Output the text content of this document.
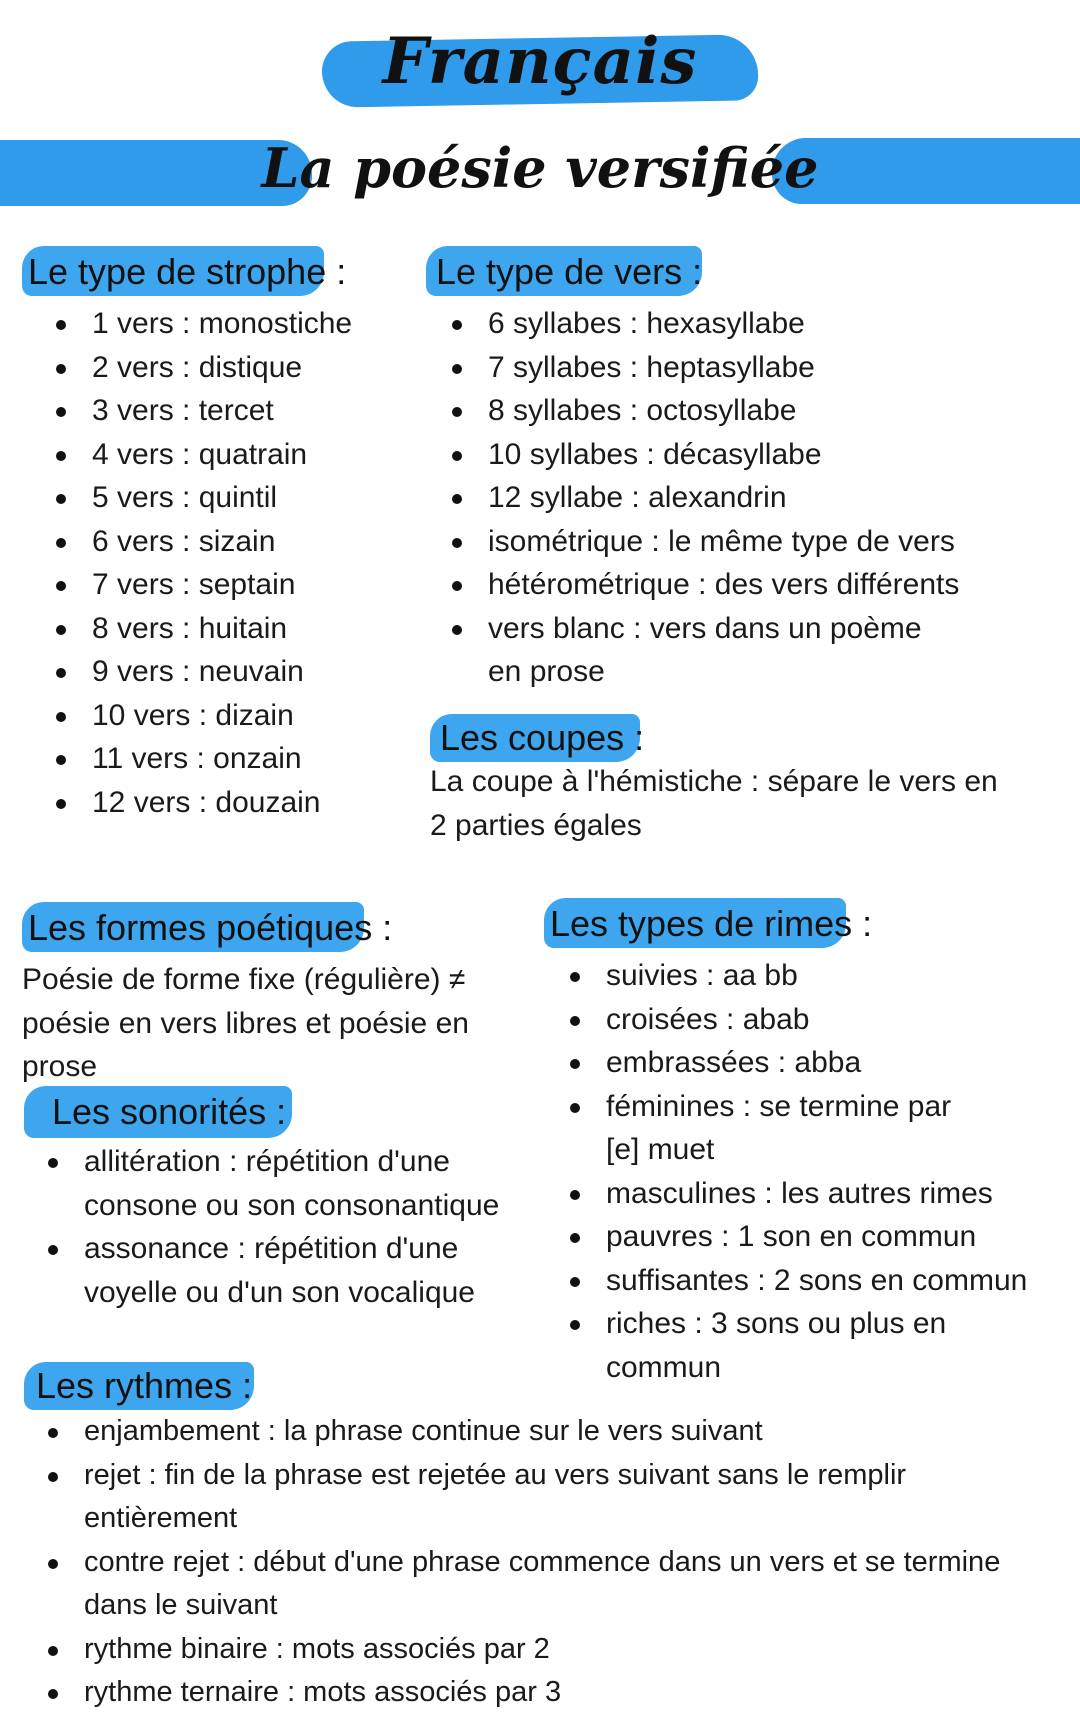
Français
La poésie versifiée
Le type de strophe :
1 vers : monostiche
2 vers : distique
3 vers : tercet
4 vers : quatrain
5 vers : quintil
6 vers : sizain
7 vers : septain
8 vers : huitain
9 vers : neuvain
10 vers : dizain
11 vers : onzain
12 vers : douzain
Le type de vers :
6 syllabes : hexasyllabe
7 syllabes : heptasyllabe
8 syllabes : octosyllabe
10 syllabes : décasyllabe
12 syllabe : alexandrin
isométrique : le même type de vers
hétérométrique : des vers différents
vers blanc : vers dans un poème en prose
Les coupes :

La coupe à l'hémistiche : sépare le vers en 2 parties égales

Les formes poétiques :

Poésie de forme fixe (régulière) ≠ poésie en vers libres et poésie en prose

Les types de rimes :
suivies : aa bb
croisées : abab
embrassées : abba
féminines : se termine par [e] muet
masculines : les autres rimes
pauvres : 1 son en commun
suffisantes : 2 sons en commun
riches : 3 sons ou plus en commun
Les sonorités :
allitération : répétition d'une consone ou son consonantique
assonance : répétition d'une voyelle ou d'un son vocalique
Les rythmes :
enjambement : la phrase continue sur le vers suivant
rejet : fin de la phrase est rejetée au vers suivant sans le remplir entièrement
contre rejet : début d'une phrase commence dans un vers et se termine dans le suivant
rythme binaire : mots associés par 2
rythme ternaire : mots associés par 3
